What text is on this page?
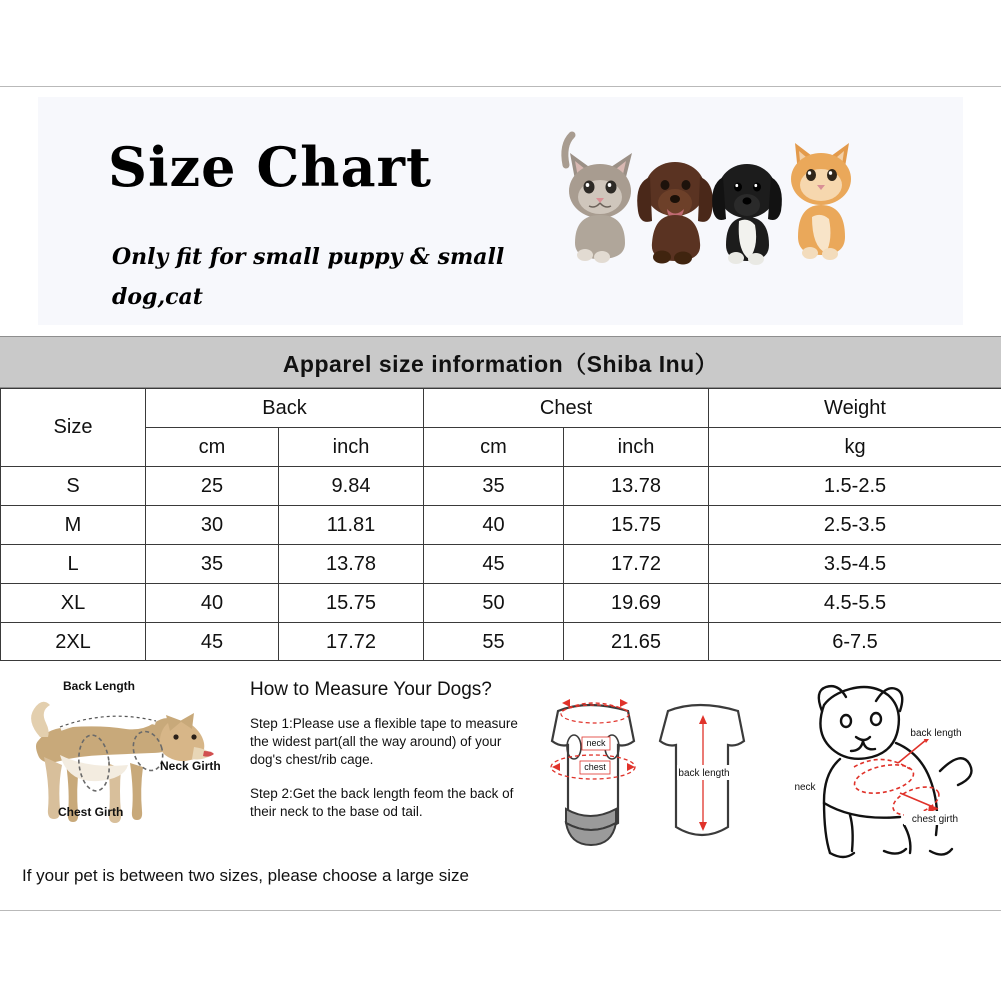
Size Chart
Only fit for small puppy & small dog,cat
Apparel size information（Shiba Inu）
Size	Back		Chest		Weight
	cm	inch	cm	inch	kg
S	25	9.84	35	13.78	1.5-2.5
M	30	11.81	40	15.75	2.5-3.5
L	35	13.78	45	17.72	3.5-4.5
XL	40	15.75	50	19.69	4.5-5.5
2XL	45	17.72	55	21.65	6-7.5
Back Length
Neck Girth
Chest Girth
How to Measure Your Dogs?

Step 1:Please use a flexible tape to measure the widest part(all the way around) of your dog's chest/rib cage.

Step 2:Get the back length feom the back of their neck to the base od tail.

If your pet is between two sizes, please choose a large size
neck
chest
back length
back length
neck
chest girth
